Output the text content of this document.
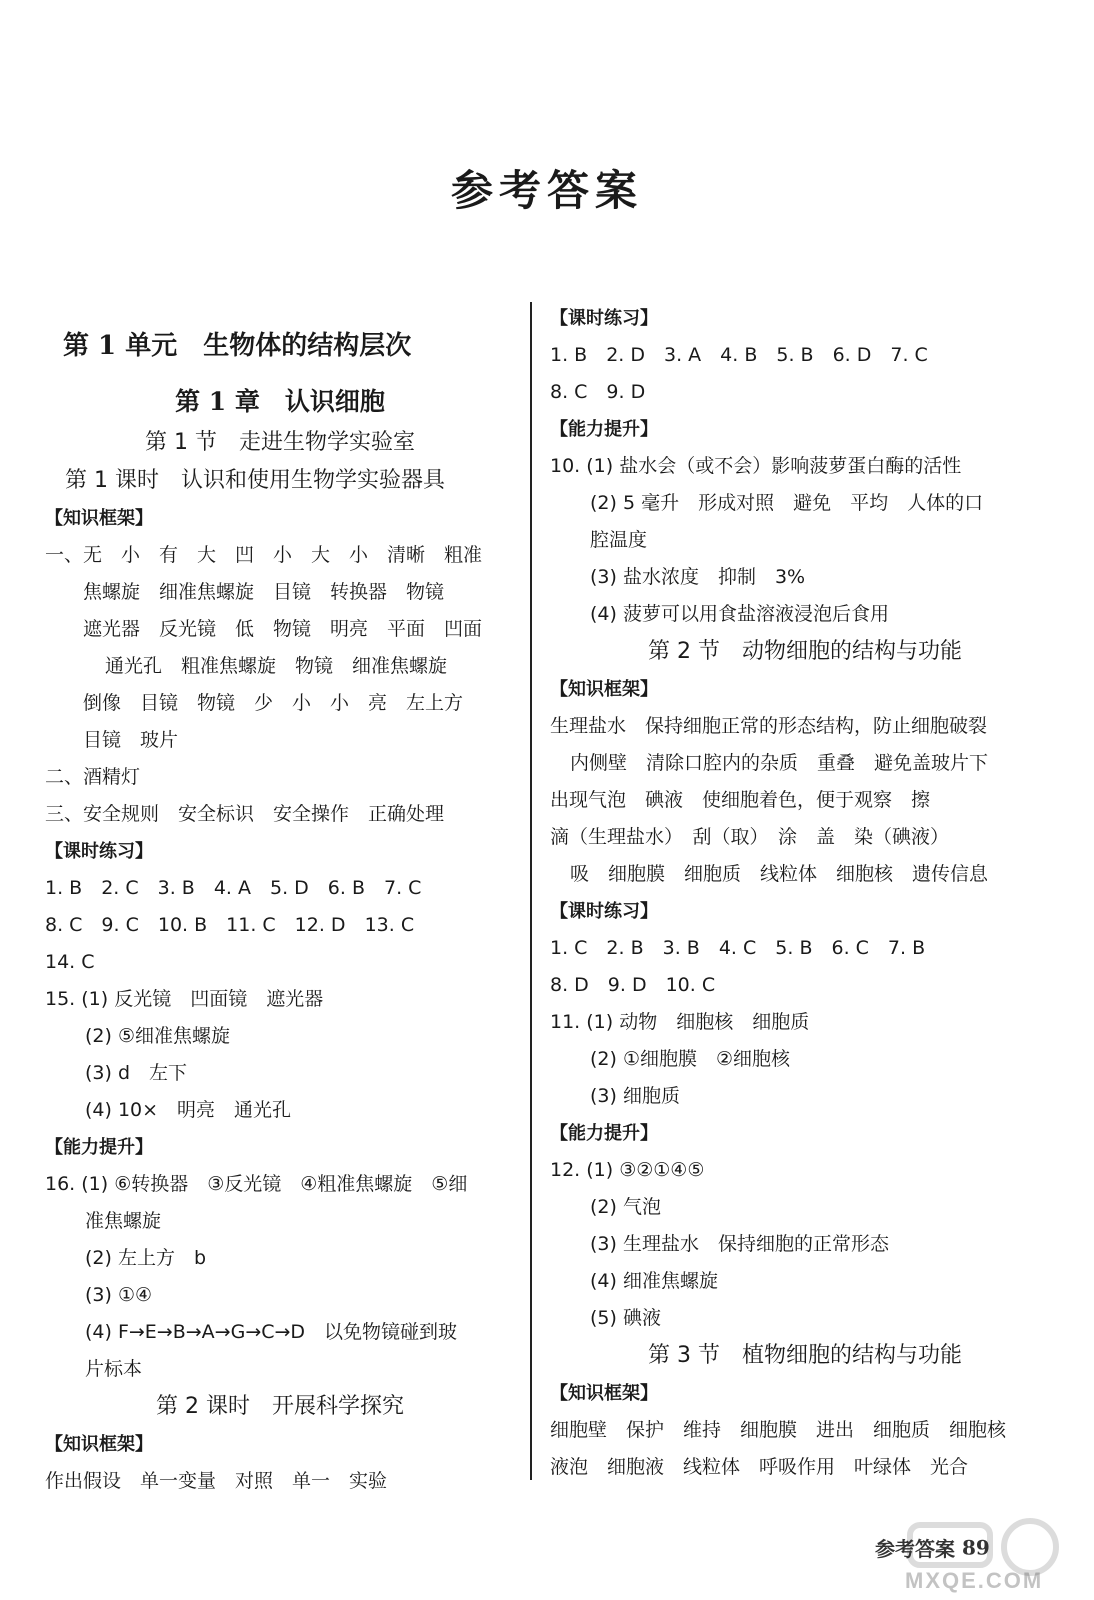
参考答案
第 1 单元　生物体的结构层次
第 1 章　认识细胞
第 1 节　走进生物学实验室
第 1 课时　认识和使用生物学实验器具
【知识框架】
一、无　小　有　大　凹　小　大　小　清晰　粗准
焦螺旋　细准焦螺旋　目镜　转换器　物镜
遮光器　反光镜　低　物镜　明亮　平面　凹面
通光孔　粗准焦螺旋　物镜　细准焦螺旋
倒像　目镜　物镜　少　小　小　亮　左上方
目镜　玻片
二、酒精灯
三、安全规则　安全标识　安全操作　正确处理
【课时练习】
1. B　2. C　3. B　4. A　5. D　6. B　7. C
8. C　9. C　10. B　11. C　12. D　13. C
14. C
15. (1) 反光镜　凹面镜　遮光器
(2) ⑤细准焦螺旋
(3) d　左下
(4) 10×　明亮　通光孔
【能力提升】
16. (1) ⑥转换器　③反光镜　④粗准焦螺旋　⑤细
准焦螺旋
(2) 左上方　b
(3) ①④
(4) F→E→B→A→G→C→D　以免物镜碰到玻
片标本
第 2 课时　开展科学探究
【知识框架】
作出假设　单一变量　对照　单一　实验
【课时练习】
1. B　2. D　3. A　4. B　5. B　6. D　7. C
8. C　9. D
【能力提升】
10. (1) 盐水会（或不会）影响菠萝蛋白酶的活性
(2) 5 毫升　形成对照　避免　平均　人体的口
腔温度
(3) 盐水浓度　抑制　3%
(4) 菠萝可以用食盐溶液浸泡后食用
第 2 节　动物细胞的结构与功能
【知识框架】
生理盐水　保持细胞正常的形态结构，防止细胞破裂
内侧壁　清除口腔内的杂质　重叠　避免盖玻片下
出现气泡　碘液　使细胞着色，便于观察　擦
滴（生理盐水）　刮（取）　涂　盖　染（碘液）
吸　细胞膜　细胞质　线粒体　细胞核　遗传信息
【课时练习】
1. C　2. B　3. B　4. C　5. B　6. C　7. B
8. D　9. D　10. C
11. (1) 动物　细胞核　细胞质
(2) ①细胞膜　②细胞核
(3) 细胞质
【能力提升】
12. (1) ③②①④⑤
(2) 气泡
(3) 生理盐水　保持细胞的正常形态
(4) 细准焦螺旋
(5) 碘液
第 3 节　植物细胞的结构与功能
【知识框架】
细胞壁　保护　维持　细胞膜　进出　细胞质　细胞核
液泡　细胞液　线粒体　呼吸作用　叶绿体　光合
参考答案 89
MXQE.COM
